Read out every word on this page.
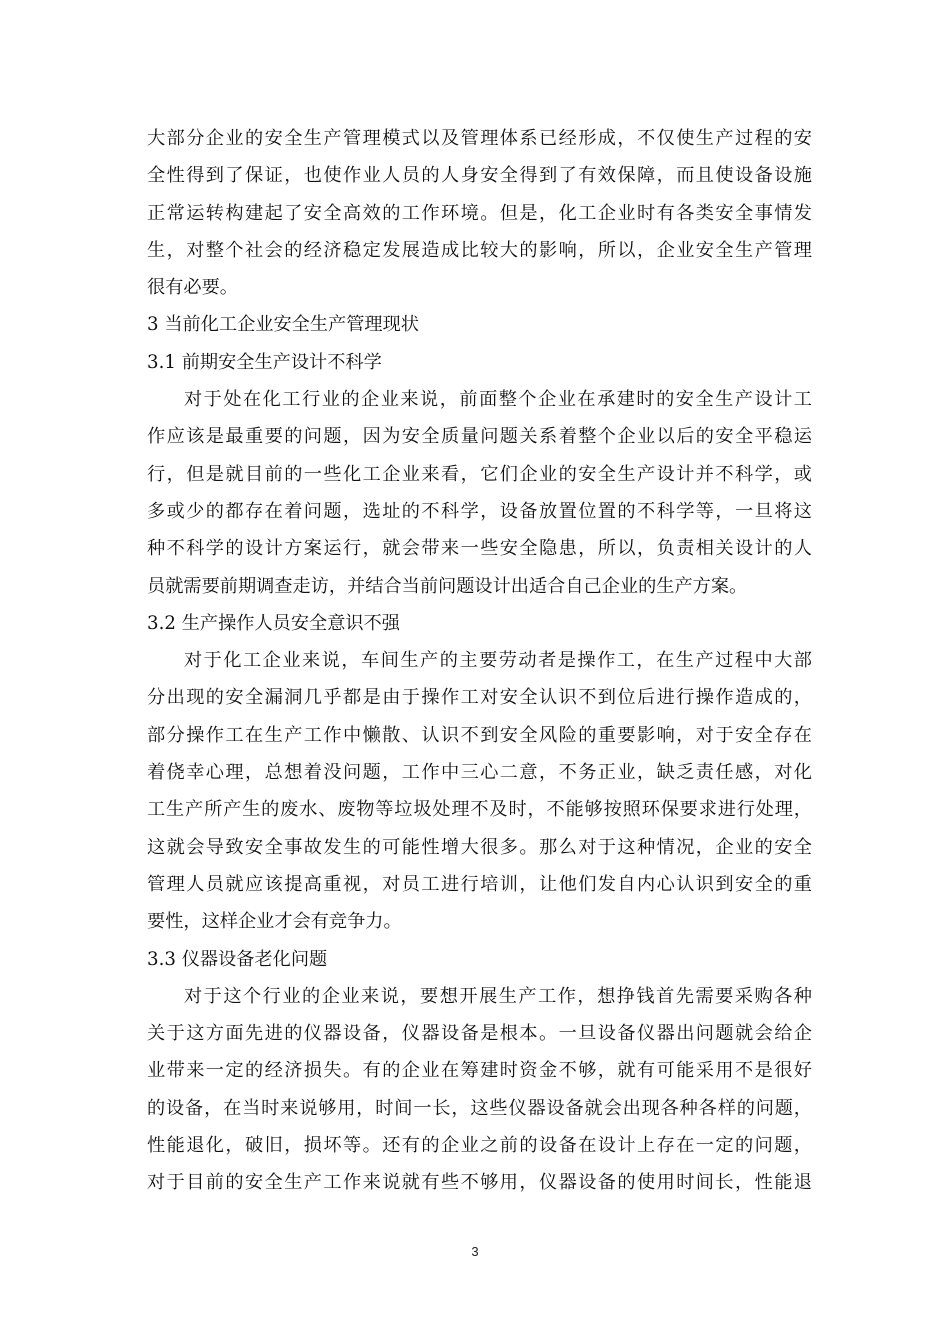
大部分企业的安全生产管理模式以及管理体系已经形成，不仅使生产过程的安
全性得到了保证，也使作业人员的人身安全得到了有效保障，而且使设备设施
正常运转构建起了安全高效的工作环境。但是，化工企业时有各类安全事情发
生，对整个社会的经济稳定发展造成比较大的影响，所以，企业安全生产管理
很有必要。
3 当前化工企业安全生产管理现状
3.1 前期安全生产设计不科学
对于处在化工行业的企业来说，前面整个企业在承建时的安全生产设计工
作应该是最重要的问题，因为安全质量问题关系着整个企业以后的安全平稳运
行，但是就目前的一些化工企业来看，它们企业的安全生产设计并不科学，或
多或少的都存在着问题，选址的不科学，设备放置位置的不科学等，一旦将这
种不科学的设计方案运行，就会带来一些安全隐患，所以，负责相关设计的人
员就需要前期调查走访，并结合当前问题设计出适合自己企业的生产方案。
3.2 生产操作人员安全意识不强
对于化工企业来说，车间生产的主要劳动者是操作工，在生产过程中大部
分出现的安全漏洞几乎都是由于操作工对安全认识不到位后进行操作造成的，
部分操作工在生产工作中懒散、认识不到安全风险的重要影响，对于安全存在
着侥幸心理，总想着没问题，工作中三心二意，不务正业，缺乏责任感，对化
工生产所产生的废水、废物等垃圾处理不及时，不能够按照环保要求进行处理，
这就会导致安全事故发生的可能性增大很多。那么对于这种情况，企业的安全
管理人员就应该提高重视，对员工进行培训，让他们发自内心认识到安全的重
要性，这样企业才会有竞争力。
3.3 仪器设备老化问题
对于这个行业的企业来说，要想开展生产工作，想挣钱首先需要采购各种
关于这方面先进的仪器设备，仪器设备是根本。一旦设备仪器出问题就会给企
业带来一定的经济损失。有的企业在筹建时资金不够，就有可能采用不是很好
的设备，在当时来说够用，时间一长，这些仪器设备就会出现各种各样的问题，
性能退化，破旧，损坏等。还有的企业之前的设备在设计上存在一定的问题，
对于目前的安全生产工作来说就有些不够用，仪器设备的使用时间长，性能退
3
